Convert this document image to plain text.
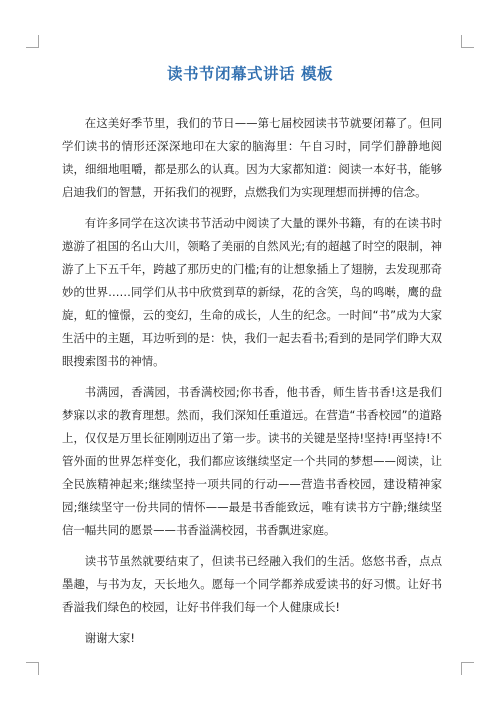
读书节闭幕式讲话 模板

在这美好季节里，我们的节日——第七届校园读书节就要闭幕了。但同学们读书的情形还深深地印在大家的脑海里：午自习时，同学们静静地阅读，细细地咀嚼，都是那么的认真。因为大家都知道：阅读一本好书，能够启迪我们的智慧，开拓我们的视野，点燃我们为实现理想而拼搏的信念。

有许多同学在这次读书节活动中阅读了大量的课外书籍，有的在读书时遨游了祖国的名山大川，领略了美丽的自然风光;有的超越了时空的限制，神游了上下五千年，跨越了那历史的门槛;有的让想象插上了翅膀，去发现那奇妙的世界……同学们从书中欣赏到草的新绿，花的含笑，鸟的鸣啭，鹰的盘旋，虹的憧憬，云的变幻，生命的成长，人生的纪念。一时间“书”成为大家生活中的主题，耳边听到的是：快，我们一起去看书;看到的是同学们睁大双眼搜索图书的神情。

书满园，香满园，书香满校园;你书香，他书香，师生皆书香!这是我们梦寐以求的教育理想。然而，我们深知任重道远。在营造“书香校园”的道路上，仅仅是万里长征刚刚迈出了第一步。读书的关键是坚持!坚持!再坚持!不管外面的世界怎样变化，我们都应该继续坚定一个共同的梦想——阅读，让全民族精神起来;继续坚持一项共同的行动——营造书香校园，建设精神家园;继续坚守一份共同的情怀——最是书香能致远，唯有读书方宁静;继续坚信一幅共同的愿景——书香溢满校园，书香飘进家庭。

读书节虽然就要结束了，但读书已经融入我们的生活。悠悠书香，点点墨趣，与书为友，天长地久。愿每一个同学都养成爱读书的好习惯。让好书香溢我们绿色的校园，让好书伴我们每一个人健康成长!

谢谢大家!
